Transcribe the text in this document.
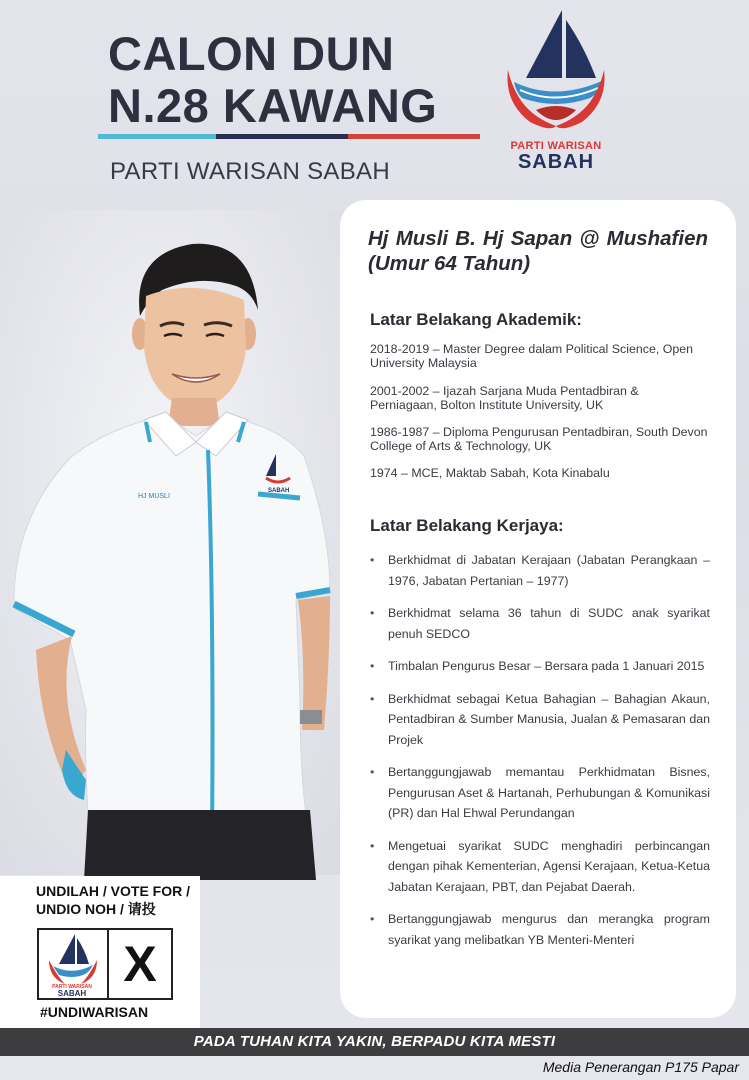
CALON DUN
N.28 KAWANG
PARTI WARISAN SABAH
PARTI WARISAN
SABAH
HJ MUSLI
SABAH
Hj Musli B. Hj Sapan @ Mushafien (Umur 64 Tahun)
Latar Belakang Akademik:
2018-2019 – Master Degree dalam Political Science, Open University Malaysia
2001-2002 – Ijazah Sarjana Muda Pentadbiran & Perniagaan, Bolton Institute University, UK
1986-1987 – Diploma Pengurusan Pentadbiran, South Devon College of Arts & Technology, UK
1974 – MCE, Maktab Sabah, Kota Kinabalu
Latar Belakang Kerjaya:
• Berkhidmat di Jabatan Kerajaan (Jabatan Perangkaan – 1976, Jabatan Pertanian – 1977)
• Berkhidmat selama 36 tahun di SUDC anak syarikat penuh SEDCO
• Timbalan Pengurus Besar – Bersara pada 1 Januari 2015
• Berkhidmat sebagai Ketua Bahagian – Bahagian Akaun, Pentadbiran & Sumber Manusia, Jualan & Pemasaran dan Projek
• Bertanggungjawab memantau Perkhidmatan Bisnes, Pengurusan Aset & Hartanah, Perhubungan & Komunikasi (PR) dan Hal Ehwal Perundangan
• Mengetuai syarikat SUDC menghadiri perbincangan dengan pihak Kementerian, Agensi Kerajaan, Ketua-Ketua Jabatan Kerajaan, PBT, dan Pejabat Daerah.
• Bertanggungjawab mengurus dan merangka program syarikat yang melibatkan YB Menteri-Menteri
UNDILAH / VOTE FOR /
UNDIO NOH / 请投
PARTI WARISAN
SABAH
X
#UNDIWARISAN
PADA TUHAN KITA YAKIN, BERPADU KITA MESTI
Media Penerangan P175 Papar
